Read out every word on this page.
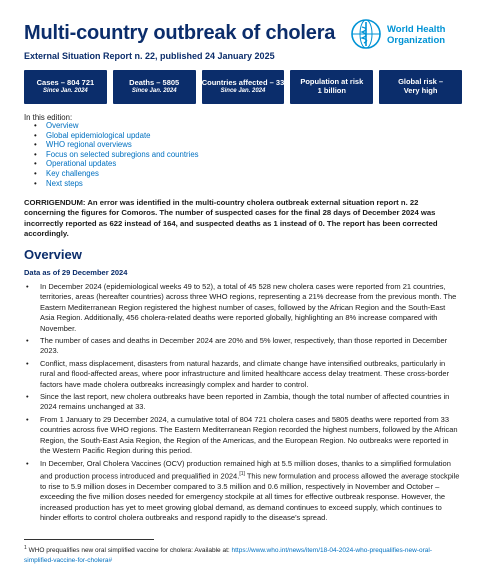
Multi-country outbreak of cholera
External Situation Report n. 22, published 24 January 2025
World Health
Organization
Cases – 804 721
Since Jan. 2024
Deaths – 5805
Since Jan. 2024
Countries affected – 33
Since Jan. 2024
Population at risk
1 billion
Global risk –
Very high
In this edition:
• Overview
• Global epidemiological update
• WHO regional overviews
• Focus on selected subregions and countries
• Operational updates
• Key challenges
• Next steps
CORRIGENDUM: An error was identified in the multi-country cholera outbreak external situation report n. 22 concerning the figures for Comoros. The number of suspected cases for the final 28 days of December 2024 was incorrectly reported as 622 instead of 164, and suspected deaths as 1 instead of 0. The report has been corrected accordingly.
Overview
Data as of 29 December 2024
• In December 2024 (epidemiological weeks 49 to 52), a total of 45 528 new cholera cases were reported from 21 countries, territories, areas (hereafter countries) across three WHO regions, representing a 21% decrease from the previous month. The Eastern Mediterranean Region registered the highest number of cases, followed by the African Region and the South-East Asia Region. Additionally, 456 cholera-related deaths were reported globally, highlighting an 8% increase compared with November.
• The number of cases and deaths in December 2024 are 20% and 5% lower, respectively, than those reported in December 2023.
• Conflict, mass displacement, disasters from natural hazards, and climate change have intensified outbreaks, particularly in rural and flood-affected areas, where poor infrastructure and limited healthcare access delay treatment. These cross-border factors have made cholera outbreaks increasingly complex and harder to control.
• Since the last report, new cholera outbreaks have been reported in Zambia, though the total number of affected countries in 2024 remains unchanged at 33.
• From 1 January to 29 December 2024, a cumulative total of 804 721 cholera cases and 5805 deaths were reported from 33 countries across five WHO regions. The Eastern Mediterranean Region recorded the highest numbers, followed by the African Region, the South-East Asia Region, the Region of the Americas, and the European Region. No outbreaks were reported in the Western Pacific Region during this period.
• In December, Oral Cholera Vaccines (OCV) production remained high at 5.5 million doses, thanks to a simplified formulation and production process introduced and prequalified in 2024.[1] This new formulation and process allowed the average stockpile to rise to 5.9 million doses in December compared to 3.5 million and 0.6 million, respectively in November and October – exceeding the five million doses needed for emergency stockpile at all times for effective outbreak response. However, the increased production has yet to meet growing global demand, as demand continues to exceed supply, which continues to hinder efforts to control cholera outbreaks and respond rapidly to the disease’s spread.
$^1$ WHO prequalifies new oral simplified vaccine for cholera: Available at: https://www.who.int/news/item/18-04-2024-who-prequalifies-new-oral-simplified-vaccine-for-cholera#
